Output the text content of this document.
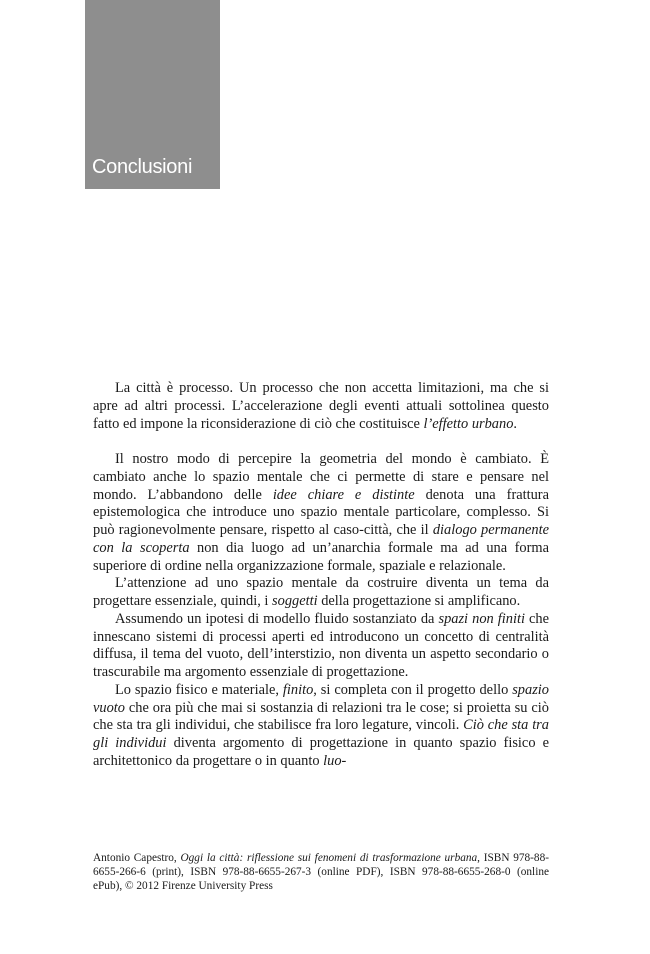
Conclusioni

La città è processo. Un processo che non accetta limitazioni, ma che si apre ad altri processi. L’accelerazione degli eventi attuali sottolinea questo fatto ed impone la riconsiderazione di ciò che costituisce l’effetto urbano.

Il nostro modo di percepire la geometria del mondo è cambiato. È cambiato anche lo spazio mentale che ci permette di stare e pensare nel mondo. L’abbandono delle idee chiare e distinte denota una frattura epistemologica che introduce uno spazio mentale particolare, complesso. Si può ragionevolmente pensare, rispetto al caso-città, che il dialogo permanente con la scoperta non dia luogo ad un’anarchia formale ma ad una forma superiore di ordine nella organizzazione formale, spaziale e relazionale.

L’attenzione ad uno spazio mentale da costruire diventa un tema da progettare essenziale, quindi, i soggetti della progettazione si amplificano.

Assumendo un ipotesi di modello fluido sostanziato da spazi non finiti che innescano sistemi di processi aperti ed introducono un concetto di centralità diffusa, il tema del vuoto, dell’interstizio, non diventa un aspetto secondario o trascurabile ma argomento essenziale di progettazione.

Lo spazio fisico e materiale, finito, si completa con il progetto dello spazio vuoto che ora più che mai si sostanzia di relazioni tra le cose; si proietta su ciò che sta tra gli individui, che stabilisce fra loro legature, vincoli. Ciò che sta tra gli individui diventa argomento di progettazione in quanto spazio fisico e architettonico da progettare o in quanto luo-

Antonio Capestro, Oggi la città: riflessione sui fenomeni di trasformazione urbana, ISBN 978-88-6655-266-6 (print), ISBN 978-88-6655-267-3 (online PDF), ISBN 978-88-6655-268-0 (online ePub), © 2012 Firenze University Press
